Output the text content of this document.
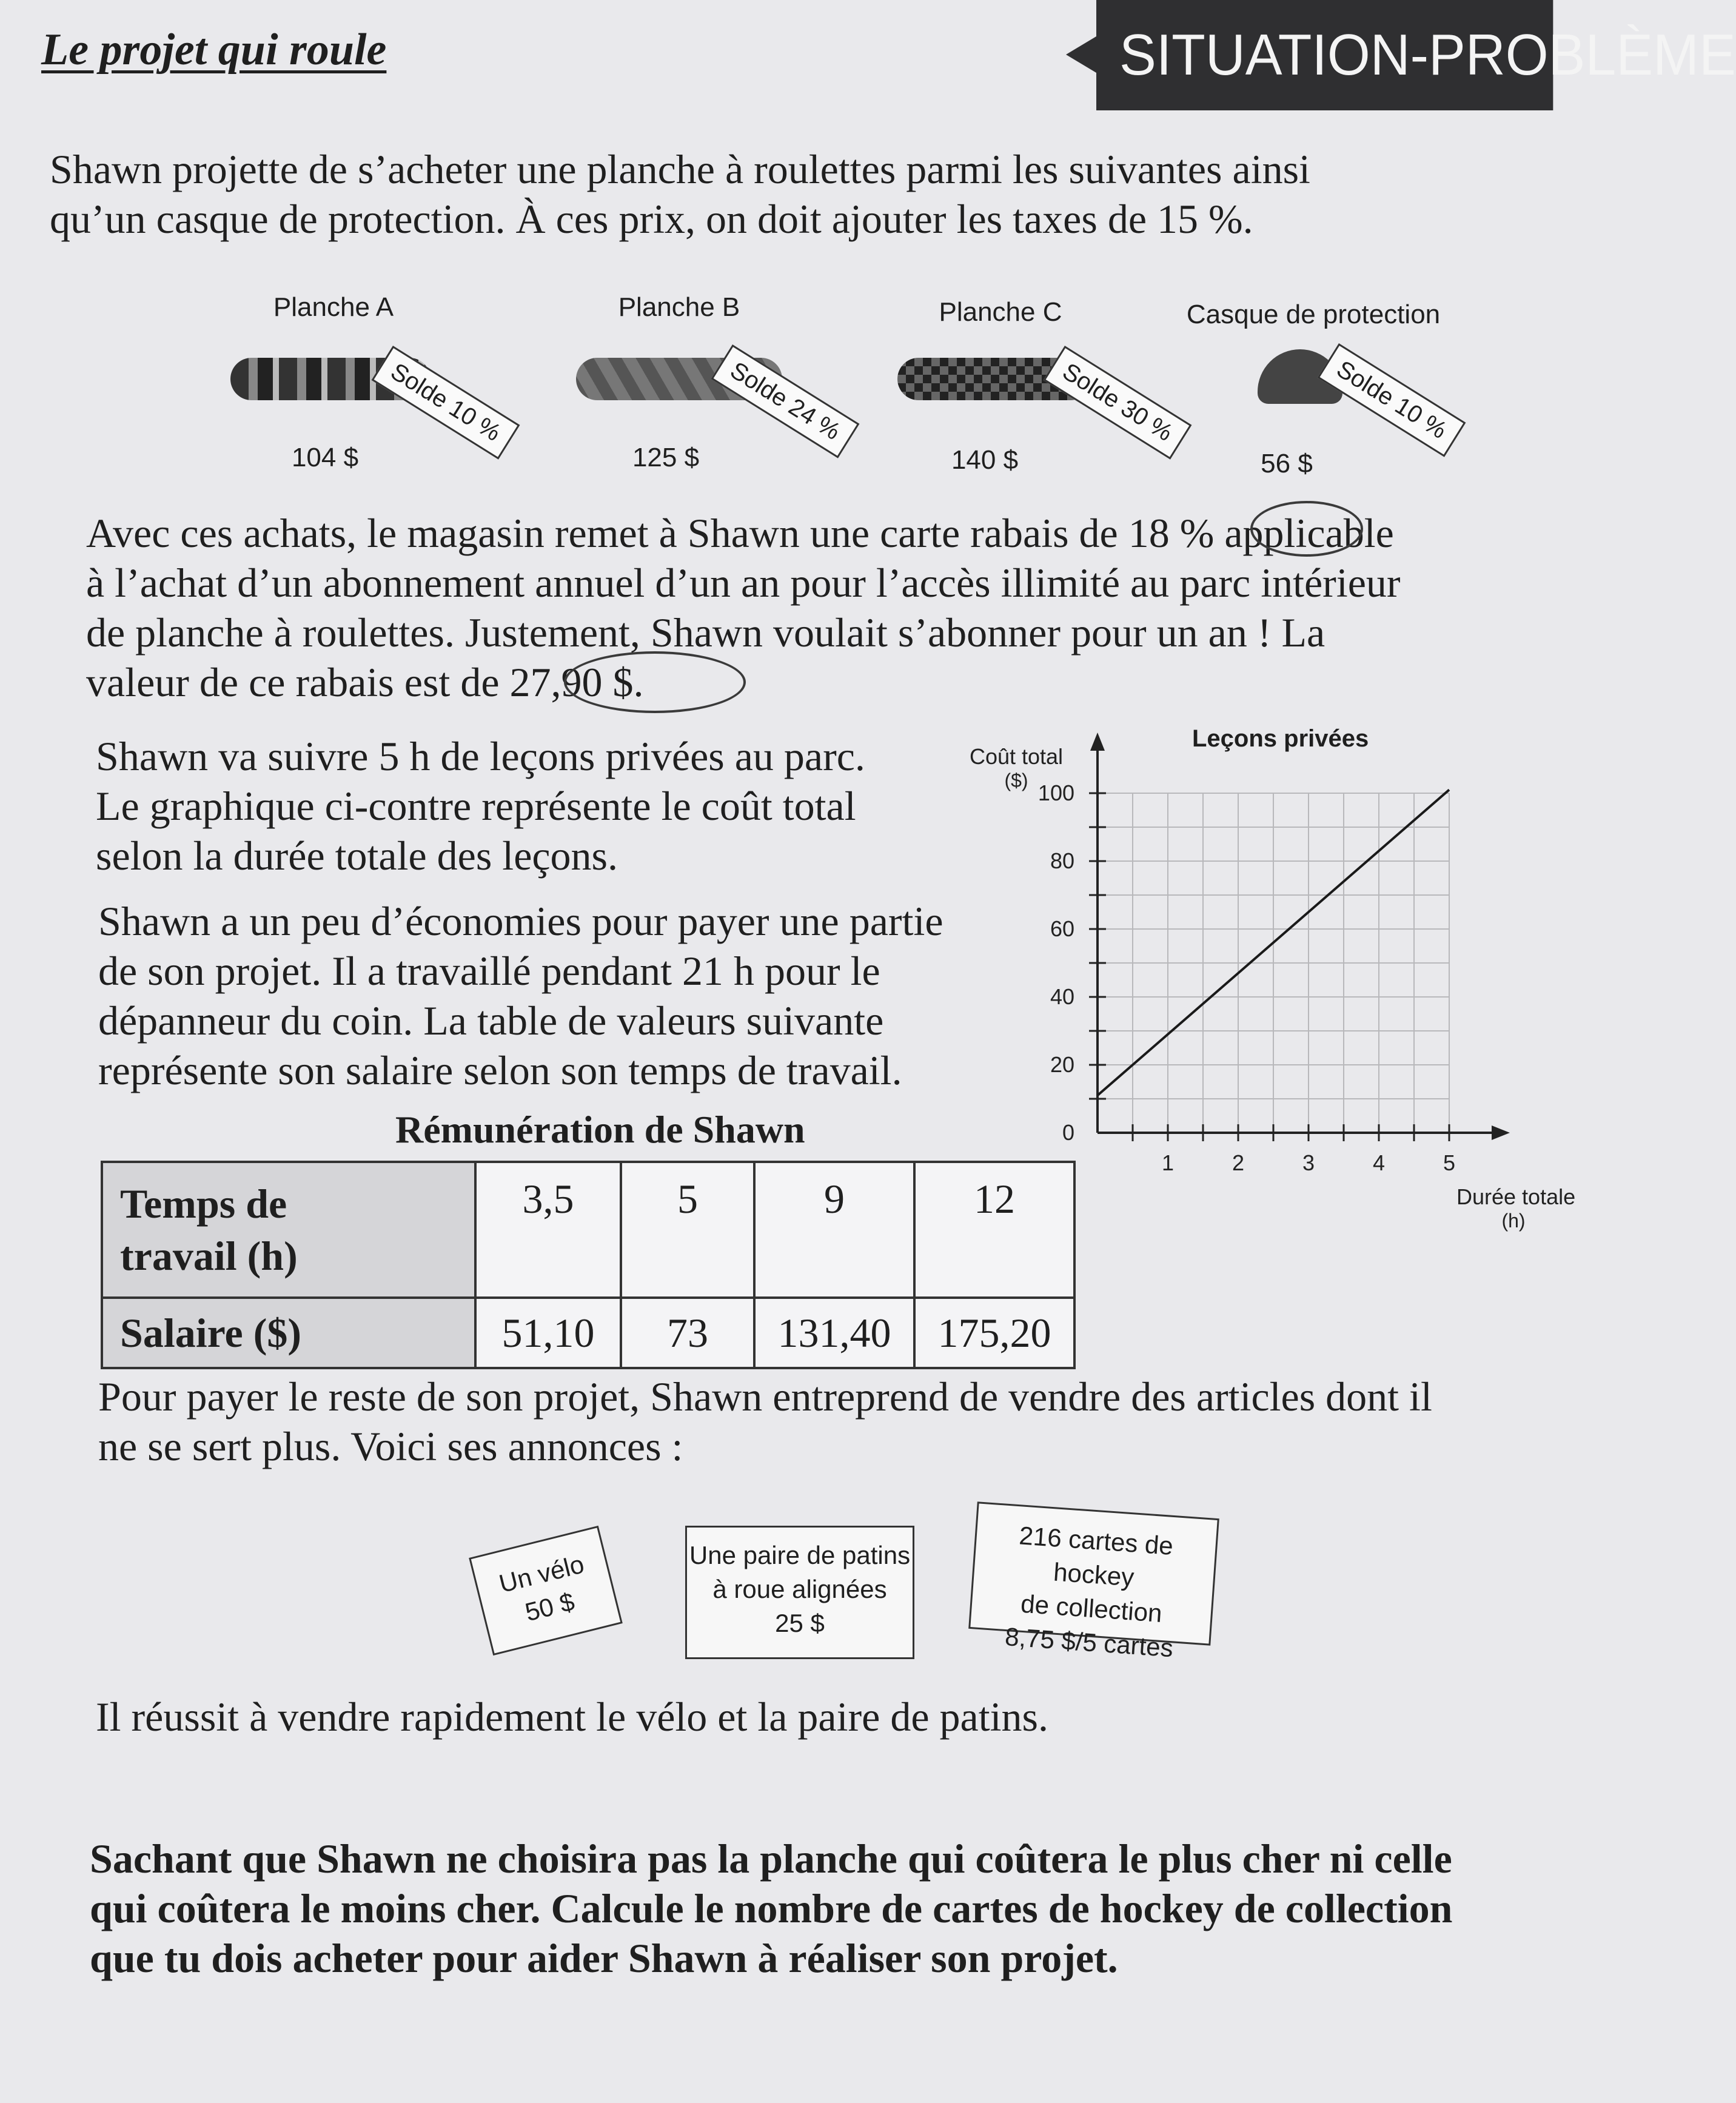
Le projet qui roule	SITUATION-PROBLÈME
Shawn projette de s’acheter une planche à roulettes parmi les suivantes ainsi
qu’un casque de protection. À ces prix, on doit ajouter les taxes de 15 %.
Planche A
Solde 10 %
104 $
Planche B
Solde 24 %
125 $
Planche C
Solde 30 %
140 $
Casque de protection
Solde 10 %
56 $
Avec ces achats, le magasin remet à Shawn une carte rabais de 18 % applicable
à l’achat d’un abonnement annuel d’un an pour l’accès illimité au parc intérieur
de planche à roulettes. Justement, Shawn voulait s’abonner pour un an ! La
valeur de ce rabais est de 27,90 $.
Shawn va suivre 5 h de leçons privées au parc.
Le graphique ci-contre représente le coût total
selon la durée totale des leçons.
Shawn a un peu d’économies pour payer une partie
de son projet. Il a travaillé pendant 21 h pour le
dépanneur du coin. La table de valeurs suivante
représente son salaire selon son temps de travail.
Leçons privées
1	2	3	4	5
0
20
40
60
80
100
Coût total
($)
Durée totale
(h)
Rémunération de Shawn
Temps de
travail (h)	3,5	5	9	12
Salaire ($)	51,10	73	131,40	175,20
Pour payer le reste de son projet, Shawn entreprend de vendre des articles dont il
ne se sert plus. Voici ses annonces :
Un vélo
50 $
Une paire de patins
à roue alignées
25 $
216 cartes de hockey
de collection
8,75 $/5 cartes
Il réussit à vendre rapidement le vélo et la paire de patins.
Sachant que Shawn ne choisira pas la planche qui coûtera le plus cher ni celle
qui coûtera le moins cher. Calcule le nombre de cartes de hockey de collection
que tu dois acheter pour aider Shawn à réaliser son projet.
